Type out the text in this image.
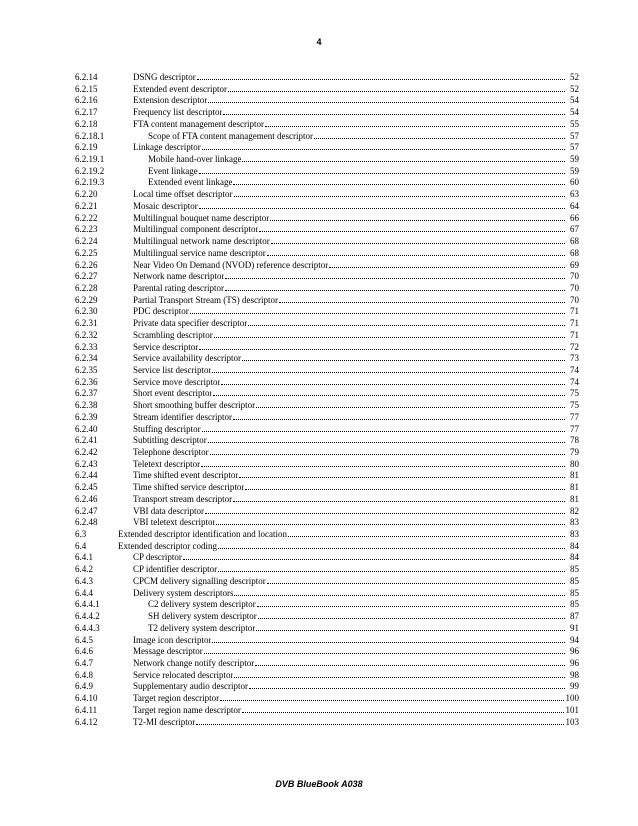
4
6.2.14	DSNG descriptor	52
6.2.15	Extended event descriptor	52
6.2.16	Extension descriptor	54
6.2.17	Frequency list descriptor	54
6.2.18	FTA content management descriptor	55
6.2.18.1	Scope of FTA content management descriptor	57
6.2.19	Linkage descriptor	57
6.2.19.1	Mobile hand-over linkage	59
6.2.19.2	Event linkage	59
6.2.19.3	Extended event linkage	60
6.2.20	Local time offset descriptor	63
6.2.21	Mosaic descriptor	64
6.2.22	Multilingual bouquet name descriptor	66
6.2.23	Multilingual component descriptor	67
6.2.24	Multilingual network name descriptor	68
6.2.25	Multilingual service name descriptor	68
6.2.26	Near Video On Demand (NVOD) reference descriptor	69
6.2.27	Network name descriptor	70
6.2.28	Parental rating descriptor	70
6.2.29	Partial Transport Stream (TS) descriptor	70
6.2.30	PDC descriptor	71
6.2.31	Private data specifier descriptor	71
6.2.32	Scrambling descriptor	71
6.2.33	Service descriptor	72
6.2.34	Service availability descriptor	73
6.2.35	Service list descriptor	74
6.2.36	Service move descriptor	74
6.2.37	Short event descriptor	75
6.2.38	Short smoothing buffer descriptor	75
6.2.39	Stream identifier descriptor	77
6.2.40	Stuffing descriptor	77
6.2.41	Subtitling descriptor	78
6.2.42	Telephone descriptor	79
6.2.43	Teletext descriptor	80
6.2.44	Time shifted event descriptor	81
6.2.45	Time shifted service descriptor	81
6.2.46	Transport stream descriptor	81
6.2.47	VBI data descriptor	82
6.2.48	VBI teletext descriptor	83
6.3	Extended descriptor identification and location	83
6.4	Extended descriptor coding	84
6.4.1	CP descriptor	84
6.4.2	CP identifier descriptor	85
6.4.3	CPCM delivery signalling descriptor	85
6.4.4	Delivery system descriptors	85
6.4.4.1	C2 delivery system descriptor	85
6.4.4.2	SH delivery system descriptor	87
6.4.4.3	T2 delivery system descriptor	91
6.4.5	Image icon descriptor	94
6.4.6	Message descriptor	96
6.4.7	Network change notify descriptor	96
6.4.8	Service relocated descriptor	98
6.4.9	Supplementary audio descriptor	99
6.4.10	Target region descriptor	100
6.4.11	Target region name descriptor	101
6.4.12	T2-MI descriptor	103
DVB BlueBook A038
